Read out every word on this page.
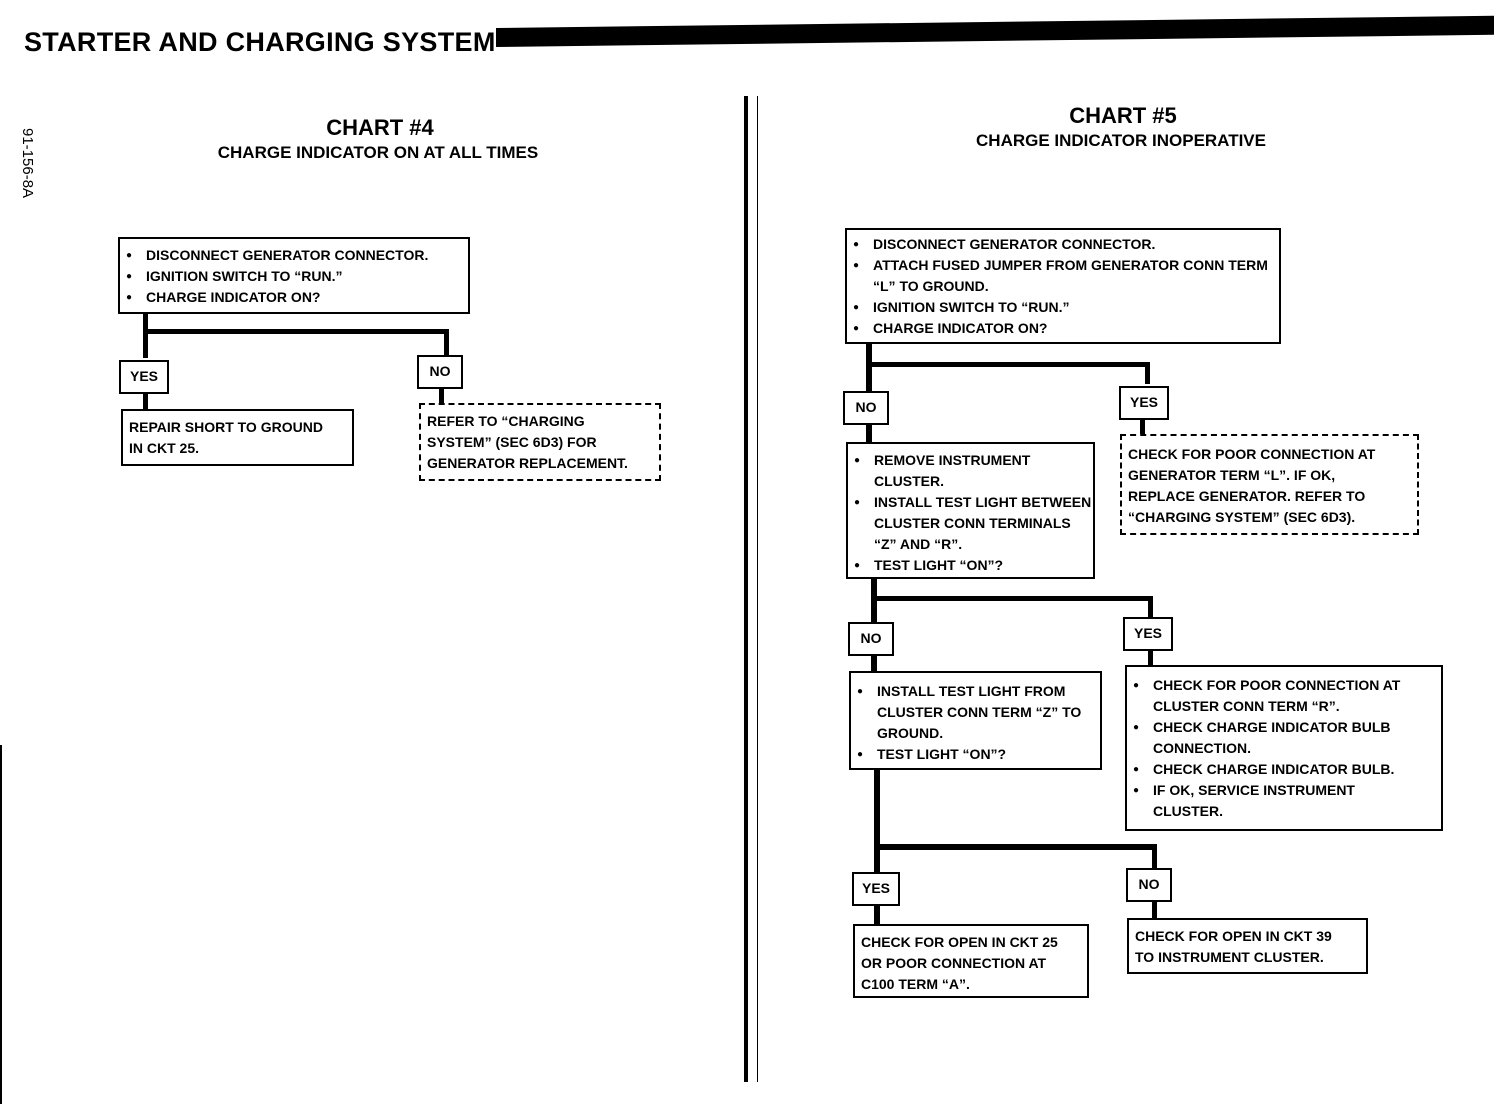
STARTER AND CHARGING SYSTEM
91-156-8A
CHART #4
CHARGE INDICATOR ON AT ALL TIMES
● DISCONNECT GENERATOR CONNECTOR.
● IGNITION SWITCH TO “RUN.”
● CHARGE INDICATOR ON?
YES	NO
REPAIR SHORT TO GROUND
IN CKT 25.
REFER TO “CHARGING
SYSTEM” (SEC 6D3) FOR
GENERATOR REPLACEMENT.
CHART #5
CHARGE INDICATOR INOPERATIVE
● DISCONNECT GENERATOR CONNECTOR.
● ATTACH FUSED JUMPER FROM GENERATOR CONN TERM “L” TO GROUND.
● IGNITION SWITCH TO “RUN.”
● CHARGE INDICATOR ON?
NO	YES
CHECK FOR POOR CONNECTION AT
GENERATOR TERM “L”. IF OK,
REPLACE GENERATOR. REFER TO
“CHARGING SYSTEM” (SEC 6D3).
● REMOVE INSTRUMENT CLUSTER.
● INSTALL TEST LIGHT BETWEEN CLUSTER CONN TERMINALS “Z” AND “R”.
● TEST LIGHT “ON”?
NO	YES
● INSTALL TEST LIGHT FROM CLUSTER CONN TERM “Z” TO GROUND.
● TEST LIGHT “ON”?
● CHECK FOR POOR CONNECTION AT CLUSTER CONN TERM “R”.
● CHECK CHARGE INDICATOR BULB CONNECTION.
● CHECK CHARGE INDICATOR BULB.
● IF OK, SERVICE INSTRUMENT CLUSTER.
YES	NO
CHECK FOR OPEN IN CKT 25
OR POOR CONNECTION AT
C100 TERM “A”.
CHECK FOR OPEN IN CKT 39
TO INSTRUMENT CLUSTER.
